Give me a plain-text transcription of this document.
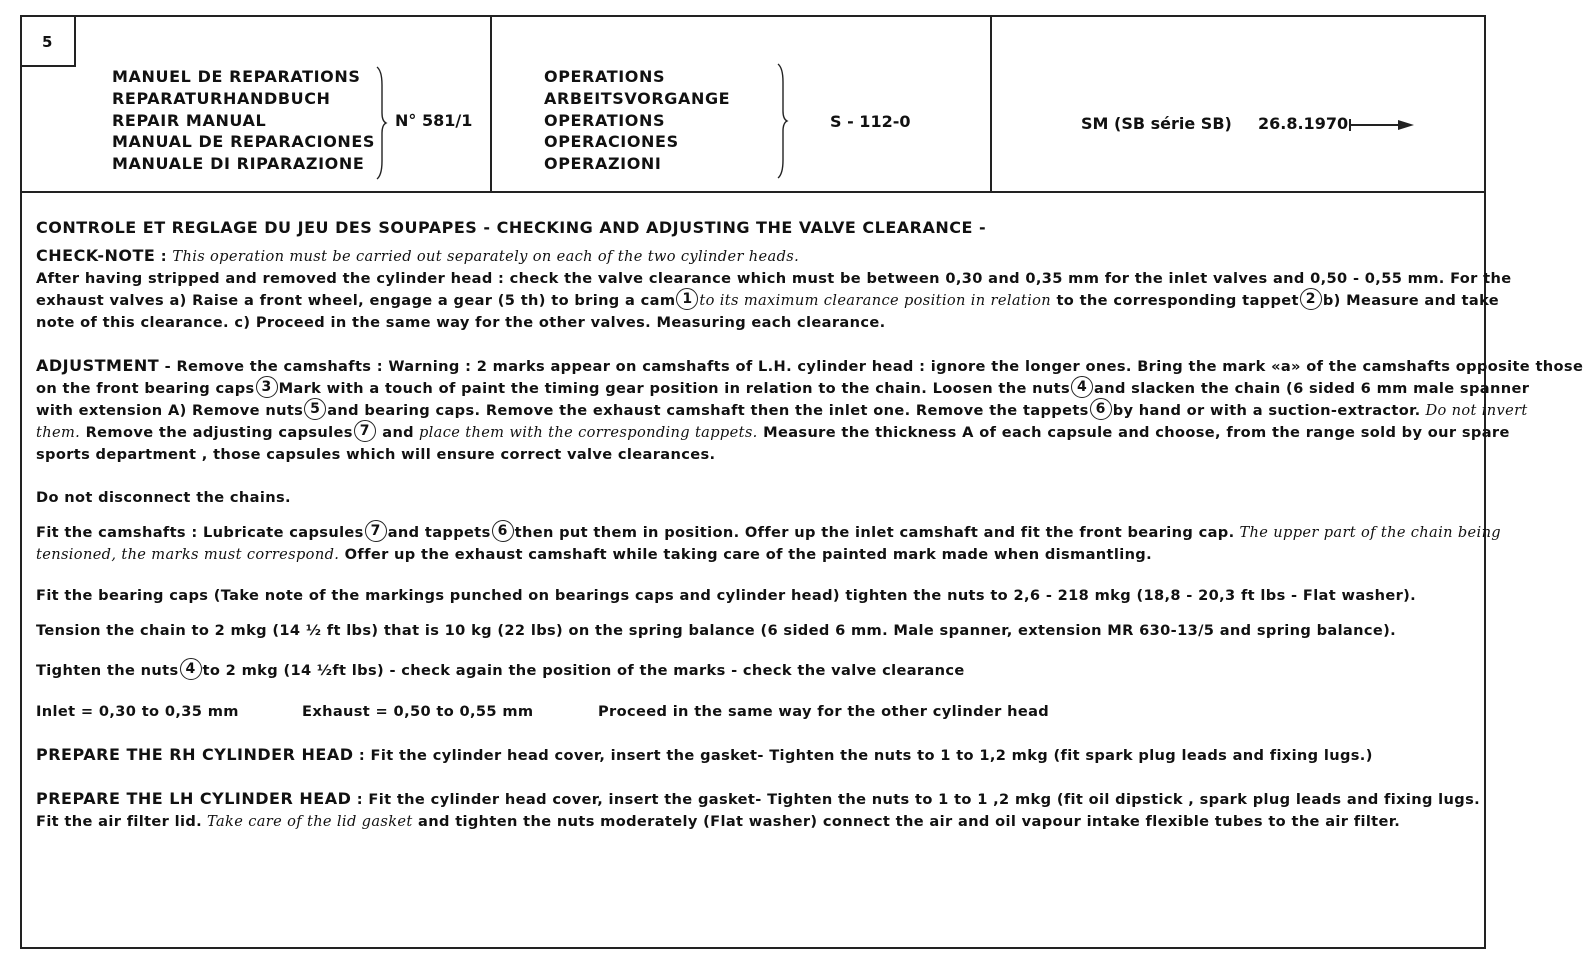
5
MANUEL DE REPARATIONS
REPARATURHANDBUCH
REPAIR MANUAL
MANUAL DE REPARACIONES
MANUALE DI RIPARAZIONE
N° 581/1
OPERATIONS
ARBEITSVORGANGE
OPERATIONS
OPERACIONES
OPERAZIONI
S - 112-0	SM (SB série SB) 26.8.1970

CONTROLE ET REGLAGE DU JEU DES SOUPAPES - CHECKING AND ADJUSTING THE VALVE CLEARANCE -

CHECK-NOTE : This operation must be carried out separately on each of the two cylinder heads.

After having stripped and removed the cylinder head : check the valve clearance which must be between 0,30 and 0,35 mm for the inlet valves and 0,50 - 0,55 mm. For the

exhaust valves a) Raise a front wheel, engage a gear (5 th) to bring a cam 1 to its maximum clearance position in relation to the corresponding tappet 2 b) Measure and take

note of this clearance. c) Proceed in the same way for the other valves. Measuring each clearance.

ADJUSTMENT - Remove the camshafts : Warning : 2 marks appear on camshafts of L.H. cylinder head : ignore the longer ones. Bring the mark «a» of the camshafts opposite those

on the front bearing caps 3 Mark with a touch of paint the timing gear position in relation to the chain. Loosen the nuts 4 and slacken the chain (6 sided 6 mm male spanner

with extension A) Remove nuts 5 and bearing caps. Remove the exhaust camshaft then the inlet one. Remove the tappets 6 by hand or with a suction-extractor. Do not invert

them. Remove the adjusting capsules 7 and place them with the corresponding tappets. Measure the thickness A of each capsule and choose, from the range sold by our spare

sports department , those capsules which will ensure correct valve clearances.

Do not disconnect the chains.

Fit the camshafts : Lubricate capsules 7 and tappets 6 then put them in position. Offer up the inlet camshaft and fit the front bearing cap. The upper part of the chain being

tensioned, the marks must correspond. Offer up the exhaust camshaft while taking care of the painted mark made when dismantling.

Fit the bearing caps (Take note of the markings punched on bearings caps and cylinder head) tighten the nuts to 2,6 - 218 mkg (18,8 - 20,3 ft lbs - Flat washer).

Tension the chain to 2 mkg (14 ½ ft lbs) that is 10 kg (22 lbs) on the spring balance (6 sided 6 mm. Male spanner, extension MR 630-13/5 and spring balance).

Tighten the nuts 4 to 2 mkg (14 ½ft lbs) - check again the position of the marks - check the valve clearance

Inlet = 0,30 to 0,35 mm	Exhaust = 0,50 to 0,55 mm	Proceed in the same way for the other cylinder head

PREPARE THE RH CYLINDER HEAD : Fit the cylinder head cover, insert the gasket- Tighten the nuts to 1 to 1,2 mkg (fit spark plug leads and fixing lugs.)

PREPARE THE LH CYLINDER HEAD : Fit the cylinder head cover, insert the gasket- Tighten the nuts to 1 to 1 ,2 mkg (fit oil dipstick , spark plug leads and fixing lugs.

Fit the air filter lid. Take care of the lid gasket and tighten the nuts moderately (Flat washer) connect the air and oil vapour intake flexible tubes to the air filter.
